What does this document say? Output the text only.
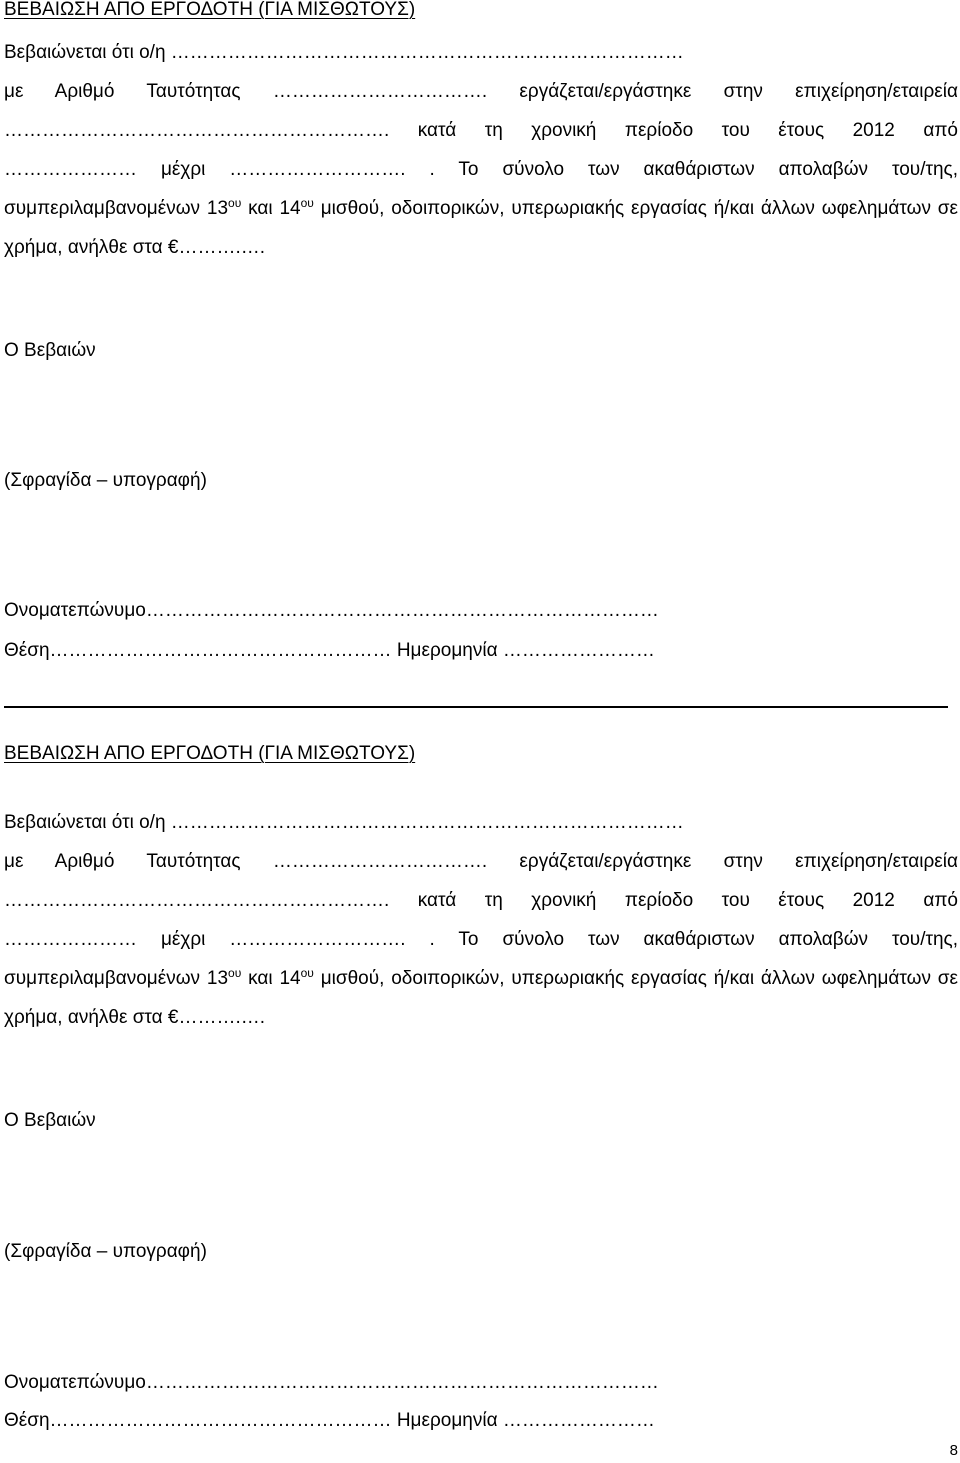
ΒΕΒΑΙΩΣΗ ΑΠΟ ΕΡΓΟΔΟΤΗ (ΓΙΑ ΜΙΣΘΩΤΟΥΣ)
Βεβαιώνεται ότι ο/η ………………………………………………………………………
με Αριθμό Ταυτότητας ……………………………. εργάζεται/εργάστηκε στην επιχείρηση/εταιρεία
……………………………………………………. κατά τη χρονική περίοδο του έτους 2012 από
………………… μέχρι ………………………. . Το σύνολο των ακαθάριστων απολαβών του/της,
συμπεριλαμβανομένων $13^{o\upsilon}$ και $14^{o\upsilon}$ μισθού, οδοιπορικών, υπερωριακής εργασίας ή/και άλλων ωφελημάτων σε
χρήμα, ανήλθε στα €……….….

Ο Βεβαιών

(Σφραγίδα – υπογραφή)

Ονοματεπώνυμο………………………………………………………………………

Θέση……………………………………………… Ημερομηνία ……………………

ΒΕΒΑΙΩΣΗ ΑΠΟ ΕΡΓΟΔΟΤΗ (ΓΙΑ ΜΙΣΘΩΤΟΥΣ)
Βεβαιώνεται ότι ο/η ………………………………………………………………………
με Αριθμό Ταυτότητας ……………………………. εργάζεται/εργάστηκε στην επιχείρηση/εταιρεία
……………………………………………………. κατά τη χρονική περίοδο του έτους 2012 από
………………… μέχρι ………………………. . Το σύνολο των ακαθάριστων απολαβών του/της,
συμπεριλαμβανομένων $13^{o\upsilon}$ και $14^{o\upsilon}$ μισθού, οδοιπορικών, υπερωριακής εργασίας ή/και άλλων ωφελημάτων σε
χρήμα, ανήλθε στα €……….….

Ο Βεβαιών

(Σφραγίδα – υπογραφή)

Ονοματεπώνυμο………………………………………………………………………

Θέση……………………………………………… Ημερομηνία ……………………

8
